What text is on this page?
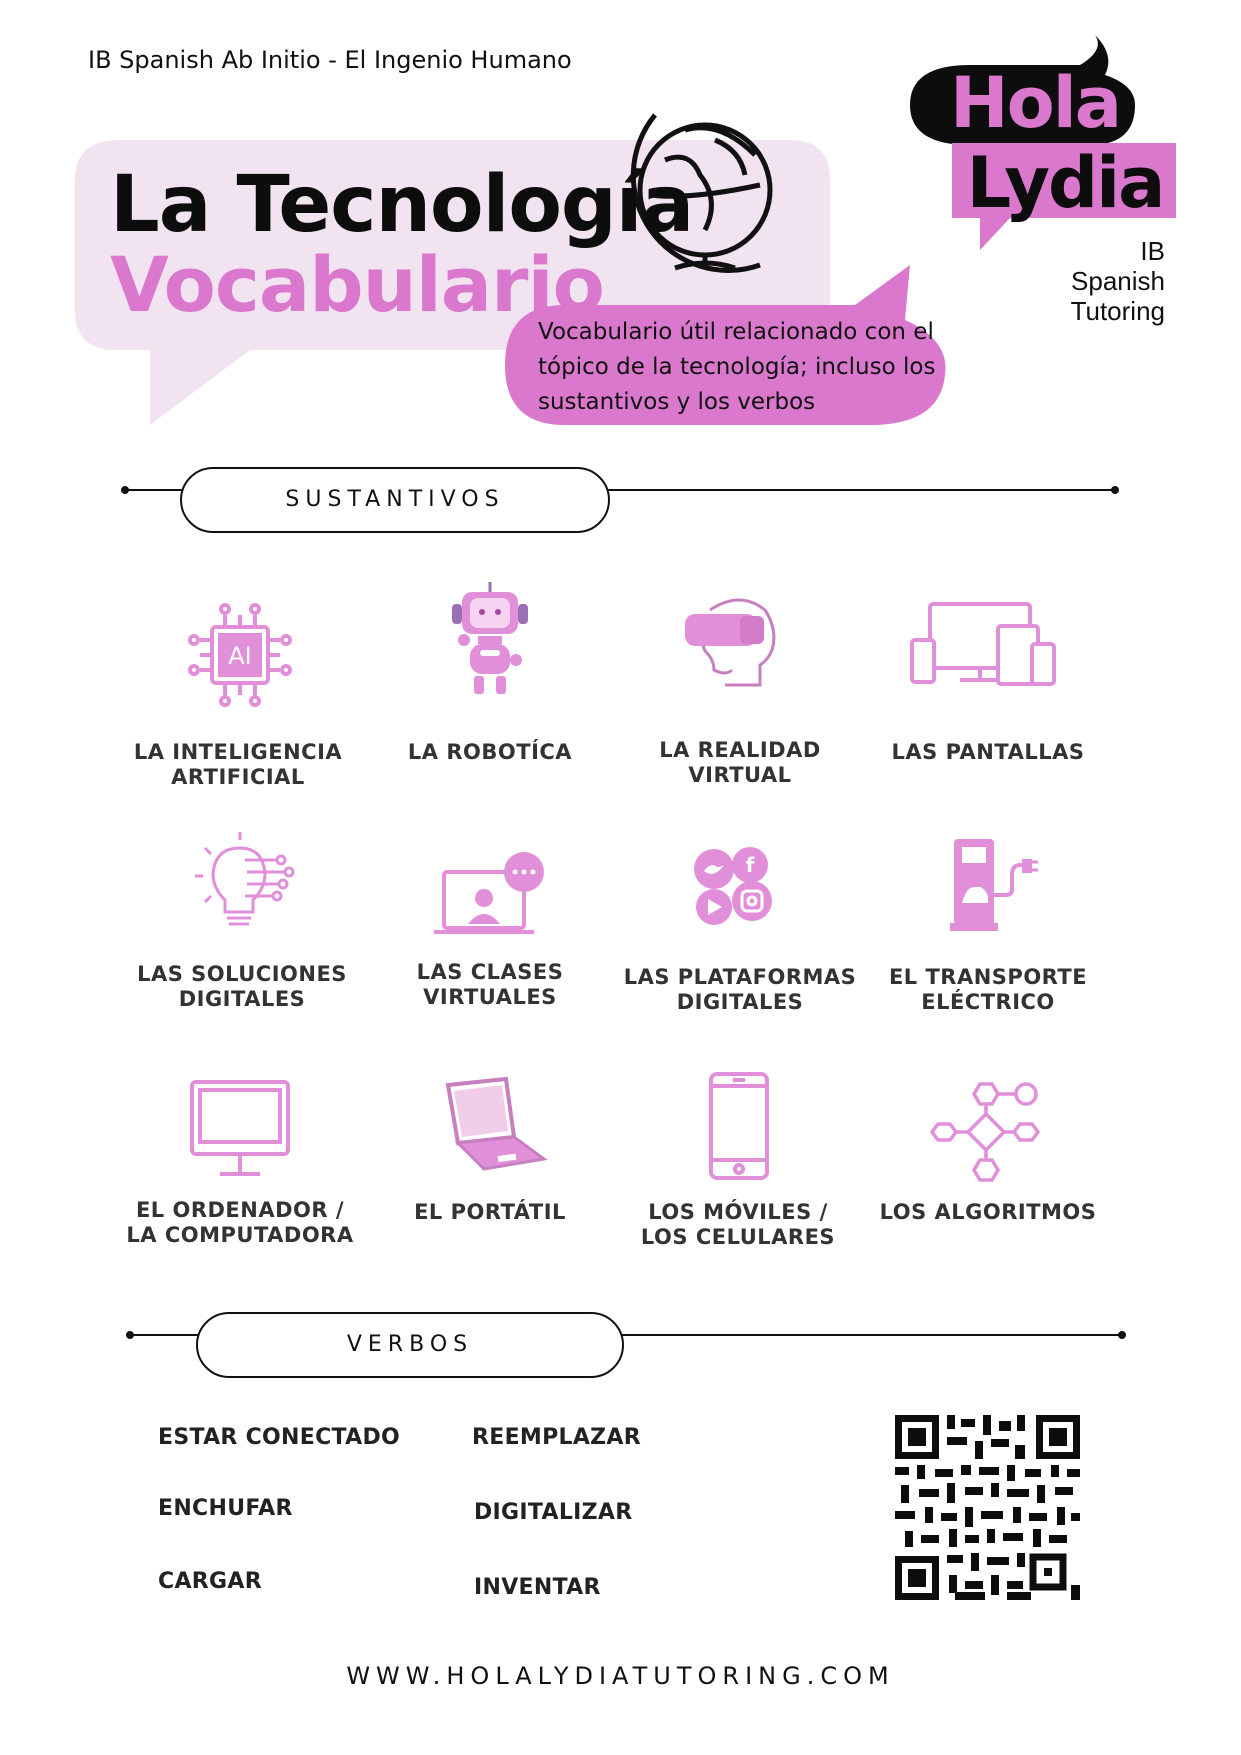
IB Spanish Ab Initio - El Ingenio Humano
La Tecnología
Vocabulario
Vocabulario útil relacionado con el tópico de la tecnología; incluso los sustantivos y los verbos
Hola
Lydia
IB Spanish
Tutoring
SUSTANTIVOS
AI
f
LA INTELIGENCIA
ARTIFICIAL
LA ROBOTÍCA	LA REALIDAD
VIRTUAL
LAS PANTALLAS
LAS SOLUCIONES
DIGITALES
LAS CLASES
VIRTUALES
LAS PLATAFORMAS
DIGITALES
EL TRANSPORTE
ELÉCTRICO
EL ORDENADOR /
LA COMPUTADORA
EL PORTÁTIL	LOS MÓVILES /
LOS CELULARES
LOS ALGORITMOS
VERBOS
ESTAR CONECTADO
ENCHUFAR
CARGAR
REEMPLAZAR
DIGITALIZAR
INVENTAR
WWW.HOLALYDIATUTORING.COM
